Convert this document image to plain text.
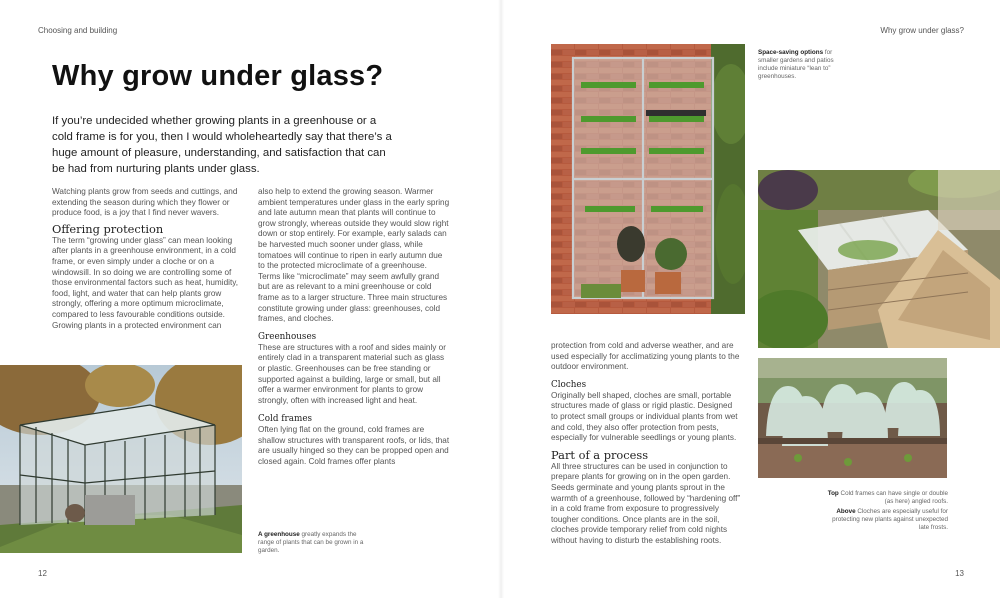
Choosing and building	Why grow under glass?
Why grow under glass?

If you’re undecided whether growing plants in a greenhouse or a cold frame is for you, then I would wholeheartedly say that there’s a huge amount of pleasure, understanding, and satisfaction that can be had from nurturing plants under glass.

Watching plants grow from seeds and cuttings, and extending the season during which they flower or produce food, is a joy that I find never wavers.

Offering protection

The term “growing under glass” can mean looking after plants in a greenhouse environment, in a cold frame, or even simply under a cloche or on a windowsill. In so doing we are controlling some of those environmental factors such as heat, humidity, food, light, and water that can help plants grow strongly, offering a more optimum microclimate, compared to less favourable conditions outside. Growing plants in a protected environment can

also help to extend the growing season. Warmer ambient temperatures under glass in the early spring and late autumn mean that plants will continue to grow strongly, whereas outside they would slow right down or stop entirely. For example, early salads can be harvested much sooner under glass, while tomatoes will continue to ripen in early autumn due to the protected microclimate of a greenhouse. Terms like “microclimate” may seem awfully grand but are as relevant to a mini greenhouse or cold frame as to a larger structure. Three main structures constitute growing under glass: greenhouses, cold frames, and cloches.

Greenhouses

These are structures with a roof and sides mainly or entirely clad in a transparent material such as glass or plastic. Greenhouses can be free standing or supported against a building, large or small, but all offer a warmer environment for plants to grow strongly, often with increased light and heat.

Cold frames

Often lying flat on the ground, cold frames are shallow structures with transparent roofs, or lids, that are usually hinged so they can be propped open and closed again. Cold frames offer plants

protection from cold and adverse weather, and are used especially for acclimatizing young plants to the outdoor environment.

Cloches

Originally bell shaped, cloches are small, portable structures made of glass or rigid plastic. Designed to protect small groups or individual plants from wet and cold, they also offer protection from pests, especially for vulnerable seedlings or young plants.

Part of a process

All three structures can be used in conjunction to prepare plants for growing on in the open garden. Seeds germinate and young plants sprout in the warmth of a greenhouse, followed by “hardening off” in a cold frame from exposure to progressively tougher conditions. Once plants are in the soil, cloches provide temporary relief from cold nights without having to disturb the establishing roots.

A greenhouse greatly expands the range of plants that can be grown in a garden.
Space-saving options for smaller gardens and patios include miniature “lean to” greenhouses.
Top Cold frames can have single or double (as here) angled roofs.
Above Cloches are especially useful for protecting new plants against unexpected late frosts.
12	13
